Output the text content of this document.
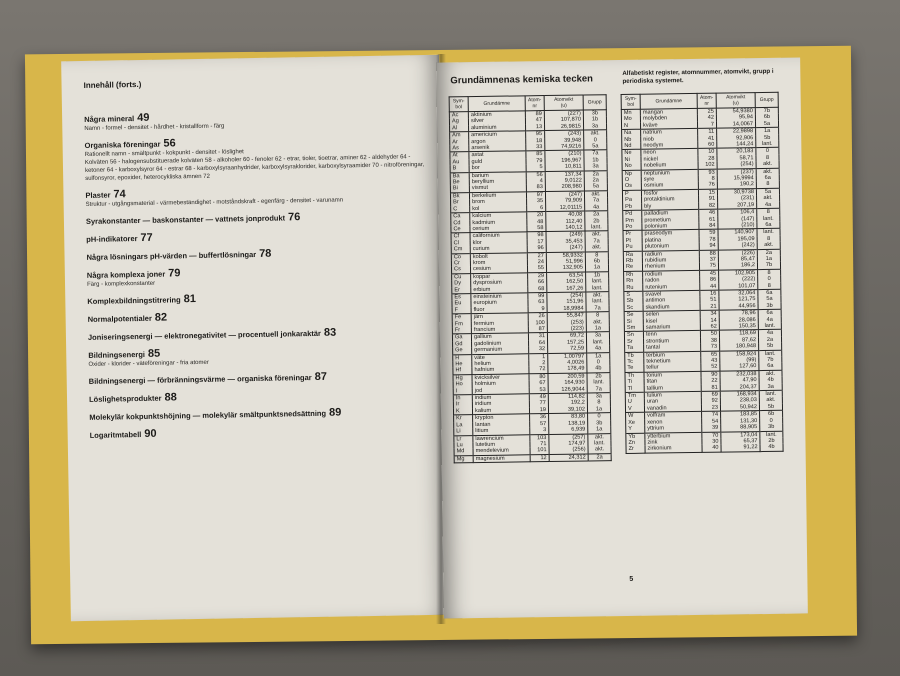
Innehåll (forts.)
Några mineral 49
Namn - formel - densitet - hårdhet - kristallform - färg
Organiska föreningar 56
Rationellt namn - smältpunkt - kokpunkt - densitet - löslighet
Kolväten 56 - halogensubstituerade kolväten 58 - alkoholer 60 - fenoler 62 - etrar, tioler, tioetrar, aminer 62 - aldehyder 64 - ketoner 64 - karboxylsyror 64 - estrar 68 - karboxylsyraanhydrider, karboxylsyraklorider, karboxylsyraamider 70 - nitroföreningar, sulfonsyror, epoxider, heterocykliska ämnen 72
Plaster 74
Struktur - utgångsmaterial - värmebeständighet - motståndskraft - egenfärg - densitet - varunamn
Syrakonstanter — baskonstanter — vattnets jonprodukt 76
pH-indikatorer 77
Några lösningars pH-värden — buffertlösningar 78
Några komplexa joner 79
Färg - komplexkonstanter
Komplexbildningstitrering 81
Normalpotentialer 82
Joniseringsenergi — elektronegativitet — procentuell jonkaraktär 83
Bildningsenergi 85
Oxider - klorider - väteföreningar - fria atomer
Bildningsenergi — förbränningsvärme — organiska föreningar 87
Löslighetsprodukter 88
Molekylär kokpunktshöjning — molekylär smältpunktsnedsättning 89
Logaritmtabell 90
Grundämnenas kemiska tecken
Alfabetiskt register, atomnummer, atomvikt, grupp i periodiska systemet.
Sym-
bol	Grundämne	Atom-
nr	Atomvikt
(u)	Grupp
Ac	aktinium	89	(227)	3b
Ag	silver	47	107,870	1b
Al	aluminium	13	26,9815	3a
Am	americium	95	(243)	akt.
Ar	argon	18	39,948	0
As	arsenik	33	74,9216	5a
At	astat	85	(210)	7a
Au	guld	79	196,967	1b
B	bor	5	10,811	3a
Ba	barium	56	137,34	2a
Be	beryllium	4	9,0122	2a
Bi	vismut	83	208,980	5a
Bk	berkelium	97	(247)	akt.
Br	brom	35	79,909	7a
C	kol	6	12,01115	4a
Ca	kalcium	20	40,08	2a
Cd	kadmium	48	112,40	2b
Ce	cerium	58	140,12	lant.
Cf	californium	98	(249)	akt.
Cl	klor	17	35,453	7a
Cm	curium	96	(247)	akt.
Co	kobolt	27	58,9332	8
Cr	krom	24	51,996	6b
Cs	cesium	55	132,905	1a
Cu	koppar	29	63,54	1b
Dy	dysprosium	66	162,50	lant.
Er	erbium	68	167,26	lant.
Es	einsteinium	99	(254)	akt.
Eu	europium	63	151,96	lant.
F	fluor	9	18,9984	7a
Fe	järn	26	55,847	8
Fm	fermium	100	(253)	akt.
Fr	francium	87	(223)	1a
Ga	gallium	31	69,72	3a
Gd	gadolinium	64	157,25	lant.
Ge	germanium	32	72,59	4a
H	väte	1	1,00797	1a
He	helium	2	4,0026	0
Hf	hafnium	72	178,49	4b
Hg	kvicksilver	80	200,59	2b
Ho	holmium	67	164,930	lant.
I	jod	53	126,9044	7a
In	indium	49	114,82	3a
Ir	iridium	77	192,2	8
K	kalium	19	39,102	1a
Kr	krypton	36	83,80	0
La	lantan	57	138,19	3b
Li	litium	3	6,939	1a
Lr	lawrencium	103	(257)	akt.
Lu	lutetium	71	174,97	lant.
Md	mendelevium	101	(256)	akt.
Mg	magnesium	12	24,312	2a
Sym-
bol	Grundämne	Atom-
nr	Atomvikt
(u)	Grupp
Mn	mangan	25	54,9380	7b
Mo	molybden	42	95,94	6b
N	kväve	7	14,0067	5a
Na	natrium	11	22,9898	1a
Nb	niob	41	92,906	5b
Nd	neodym	60	144,24	lant.
Ne	neon	10	20,183	0
Ni	nickel	28	58,71	8
No	nobelium	102	(254)	akt.
Np	neptunium	93	(237)	akt.
O	syre	8	15,9994	6a
Os	osmium	76	190,2	8
P	fosfor	15	30,9738	5a
Pa	protaktinium	91	(231)	akt.
Pb	bly	82	207,19	4a
Pd	palladium	46	106,4	8
Pm	prometium	61	(147)	lant.
Po	polonium	84	(210)	6a
Pr	praseodym	59	140,907	lant.
Pt	platina	78	195,09	8
Pu	plutonium	94	(242)	akt.
Ra	radium	88	(226)	2a
Rb	rubidium	37	85,47	1a
Re	rhenium	75	186,2	7b
Rh	rodium	45	102,905	8
Rn	radon	86	(222)	0
Ru	rutenium	44	101,07	8
S	svavel	16	32,064	6a
Sb	antimon	51	121,75	5a
Sc	skandium	21	44,956	3b
Se	selen	34	78,96	6a
Si	kisel	14	28,086	4a
Sm	samarium	62	150,35	lant.
Sn	tenn	50	118,69	4a
Sr	strontium	38	87,62	2a
Ta	tantal	73	180,948	5b
Tb	terbium	65	158,924	lant.
Tc	teknetium	43	(99)	7b
Te	tellur	52	127,60	6a
Th	torium	90	232,038	akt.
Ti	titan	22	47,90	4b
Tl	tallium	81	204,37	3a
Tm	tulium	69	168,934	lant.
U	uran	92	238,03	akt.
V	vanadin	23	50,942	5b
W	volfram	74	183,85	6b
Xe	xenon	54	131,30	0
Y	yttrium	39	88,905	3b
Yb	ytterbium	70	173,04	lant.
Zn	zink	30	65,37	2b
Zr	zirkonium	40	91,22	4b
5
